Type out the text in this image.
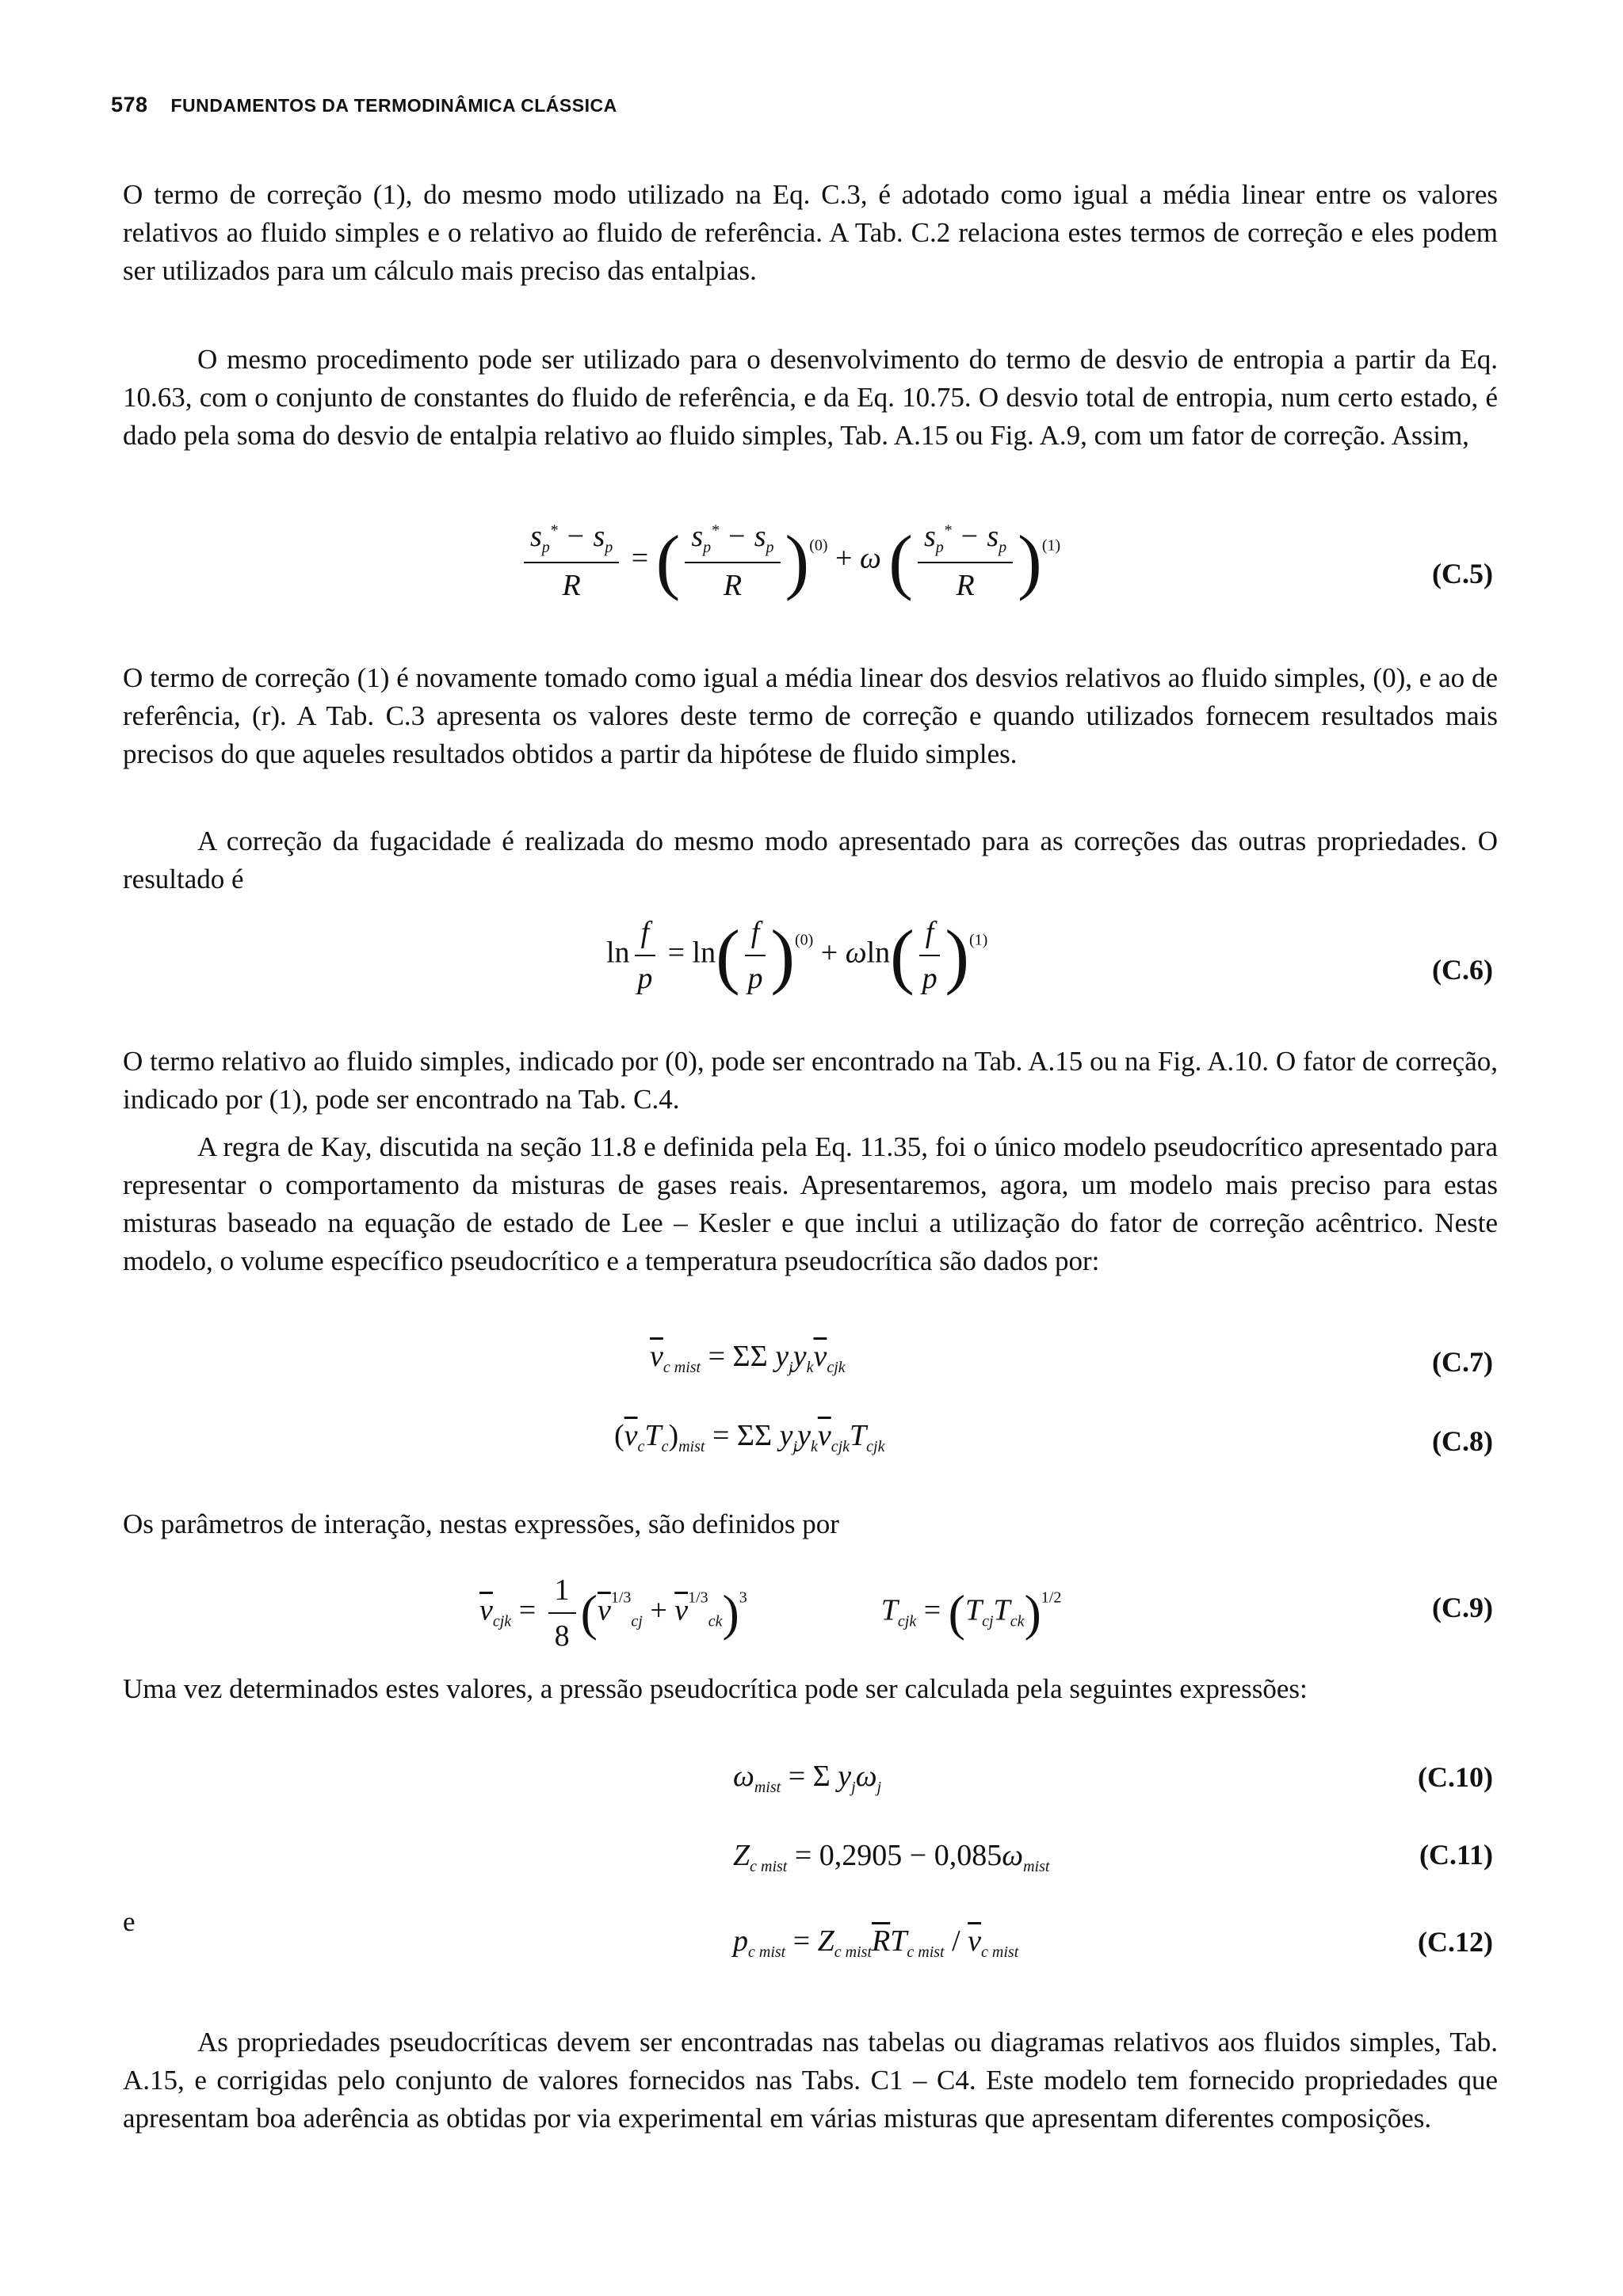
578 FUNDAMENTOS DA TERMODINÂMICA CLÁSSICA
O termo de correção (1), do mesmo modo utilizado na Eq. C.3, é adotado como igual a média linear entre os valores relativos ao fluido simples e o relativo ao fluido de referência. A Tab. C.2 relaciona estes termos de correção e eles podem ser utilizados para um cálculo mais preciso das entalpias.
O mesmo procedimento pode ser utilizado para o desenvolvimento do termo de desvio de entropia a partir da Eq. 10.63, com o conjunto de constantes do fluido de referência, e da Eq. 10.75. O desvio total de entropia, num certo estado, é dado pela soma do desvio de entalpia relativo ao fluido simples, Tab. A.15 ou Fig. A.9, com um fator de correção. Assim,
$\frac{s_p^* - s_p}{R}$ = ( $\frac{s_p^* - s_p}{R} )^{(0)} + \omega$ ( $\frac{s_p^* - s_p}{R} )^{(1)}$
(C.5)
O termo de correção (1) é novamente tomado como igual a média linear dos desvios relativos ao fluido simples, (0), e ao de referência, (r). A Tab. C.3 apresenta os valores deste termo de correção e quando utilizados fornecem resultados mais precisos do que aqueles resultados obtidos a partir da hipótese de fluido simples.
A correção da fugacidade é realizada do mesmo modo apresentado para as correções das outras propriedades. O resultado é
$\ln \frac{f}{p} = \ln( \frac{f}{p} )^{(0)} + \omega\ln( \frac{f}{p} )^{(1)}$
(C.6)
O termo relativo ao fluido simples, indicado por (0), pode ser encontrado na Tab. A.15 ou na Fig. A.10. O fator de correção, indicado por (1), pode ser encontrado na Tab. C.4.
A regra de Kay, discutida na seção 11.8 e definida pela Eq. 11.35, foi o único modelo pseudocrítico apresentado para representar o comportamento da misturas de gases reais. Apresentaremos, agora, um modelo mais preciso para estas misturas baseado na equação de estado de Lee – Kesler e que inclui a utilização do fator de correção acêntrico. Neste modelo, o volume específico pseudocrítico e a temperatura pseudocrítica são dados por:
$\overline{v}_{c mist} = \Sigma\Sigma$ $y_jy_k\overline{v}_{cjk}$	(C.7)
$(\overline{v}_cT_c)_{mist} = \Sigma\Sigma$ $y_jy_k\overline{v}_{cjk}T_{cjk}$	(C.8)
Os parâmetros de interação, nestas expressões, são definidos por
$\overline{v}_{cjk} = \frac{1}{8} (\overline{v}^{1/3}_{cj} + \overline{v}^{1/3}_{ck})^3$	$T_{cjk} = (T_{cj}T_{ck})^{1/2}$	(C.9)
Uma vez determinados estes valores, a pressão pseudocrítica pode ser calculada pela seguintes expressões:
$\omega_{mist} = \Sigma$ $y_j\omega_j$	(C.10)
$Z_{c mist} = 0,2905 - 0,085\omega_{mist}$	(C.11)
e
$p_{c mist} = Z_{c mist}\overline{R}T_{c mist} / \overline{v}_{c mist}$	(C.12)
As propriedades pseudocríticas devem ser encontradas nas tabelas ou diagramas relativos aos fluidos simples, Tab. A.15, e corrigidas pelo conjunto de valores fornecidos nas Tabs. C1 – C4. Este modelo tem fornecido propriedades que apresentam boa aderência as obtidas por via experimental em várias misturas que apresentam diferentes composições.
